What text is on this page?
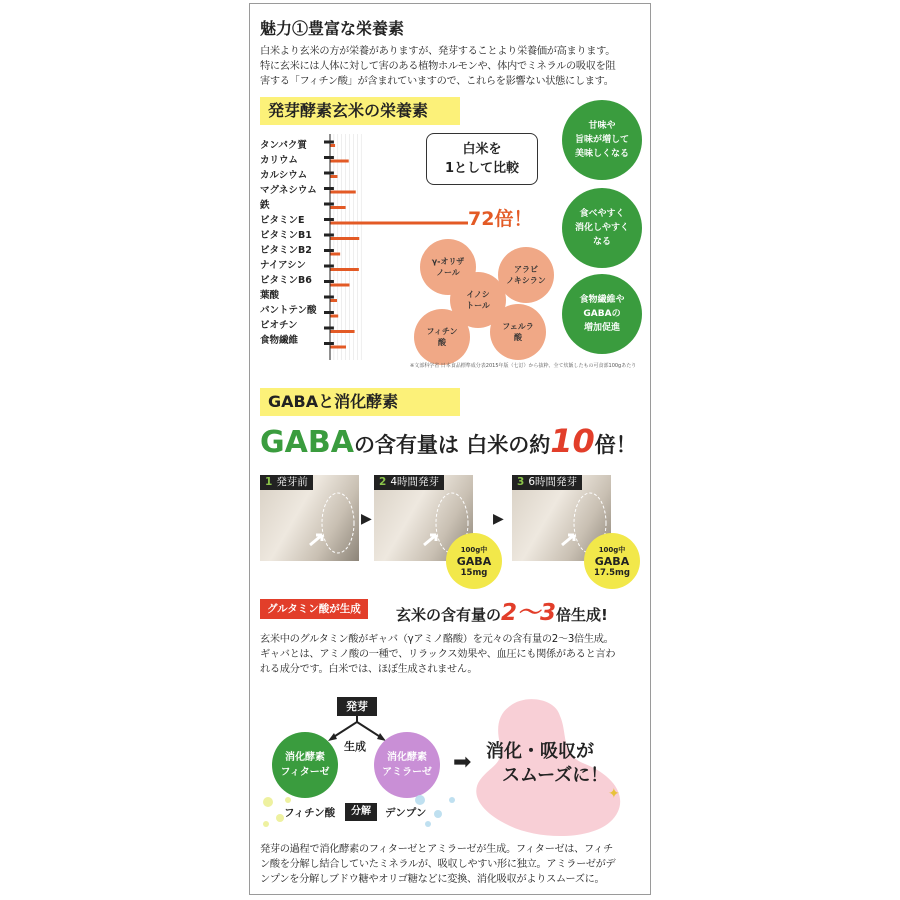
魅力①豊富な栄養素
白米より玄米の方が栄養がありますが、発芽することより栄養価が高まります。
特に玄米には人体に対して害のある植物ホルモンや、体内でミネラルの吸収を阻
害する「フィチン酸」が含まれていますので、これらを影響ない状態にします。
発芽酵素玄米の栄養素
タンパク質
カリウム
カルシウム
マグネシウム
鉄
ビタミンE
ビタミンB1
ビタミンB2
ナイアシン
ビタミンB6
葉酸
パントテン酸
ビオチン
食物繊維
白米を
1として比較
72倍！
γ-オリザ
ノール	アラビ
ノキシラン
イノシ
トール
フィチン
酸
フェルラ
酸
甘味や
旨味が増して
美味しくなる
食べやすく
消化しやすく
なる
食物繊維や
GABAの
増加促進
※文部科学省 日本食品標準成分表2015年版（七訂）から抜粋、全て炊飯したもの可食部100gあたり
GABAと消化酵素
GABAの含有量は 白米の約10倍！
1 発芽前
▶
2 4時間発芽
▶
3 6時間発芽
100g中
GABA
15mg
100g中
GABA
17.5mg
グルタミン酸が生成	玄米の含有量の2〜3倍生成!
玄米中のグルタミン酸がギャバ（γアミノ酪酸）を元々の含有量の2〜3倍生成。
ギャバとは、アミノ酸の一種で、リラックス効果や、血圧にも関係があると言わ
れる成分です。白米では、ほぼ生成されません。
✦
発芽
生成
消化酵素
フィターゼ
消化酵素
アミラーゼ ➡ 消化・吸収が
スムーズに！
フィチン酸	分解	デンプン
発芽の過程で消化酵素のフィターゼとアミラーゼが生成。フィターゼは、フィチ
ン酸を分解し結合していたミネラルが、吸収しやすい形に独立。アミラーゼがデ
ンプンを分解しブドウ糖やオリゴ糖などに変換、消化吸収がよりスムーズに。
